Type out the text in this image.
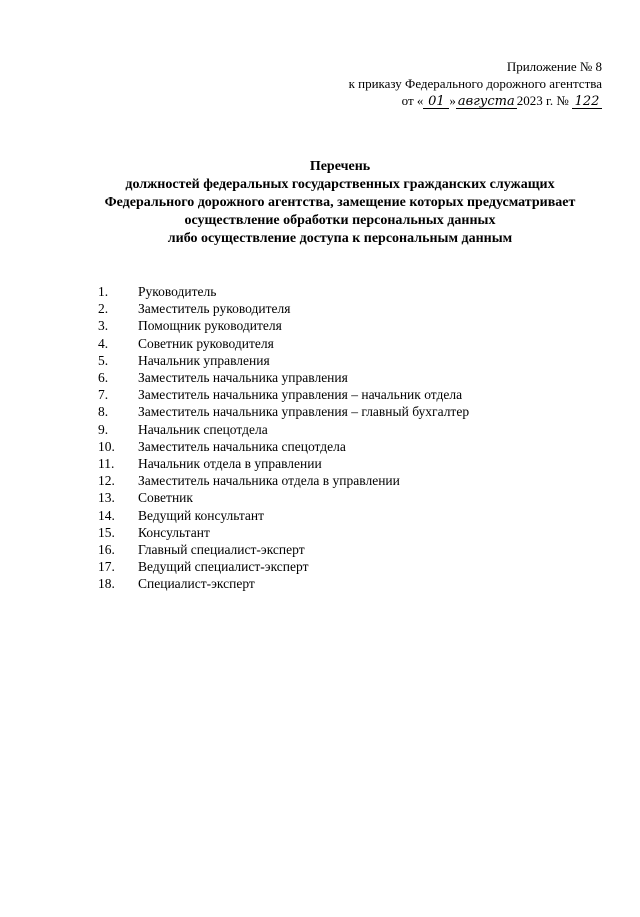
Приложение № 8
к приказу Федерального дорожного агентства
от « 01 » августа 2023 г. № 122
Перечень
должностей федеральных государственных гражданских служащих
Федерального дорожного агентства, замещение которых предусматривает
осуществление обработки персональных данных
либо осуществление доступа к персональным данным
1.	Руководитель
2.	Заместитель руководителя
3.	Помощник руководителя
4.	Советник руководителя
5.	Начальник управления
6.	Заместитель начальника управления
7.	Заместитель начальника управления – начальник отдела
8.	Заместитель начальника управления – главный бухгалтер
9.	Начальник спецотдела
10.	Заместитель начальника спецотдела
11.	Начальник отдела в управлении
12.	Заместитель начальника отдела в управлении
13.	Советник
14.	Ведущий консультант
15.	Консультант
16.	Главный специалист-эксперт
17.	Ведущий специалист-эксперт
18.	Специалист-эксперт
